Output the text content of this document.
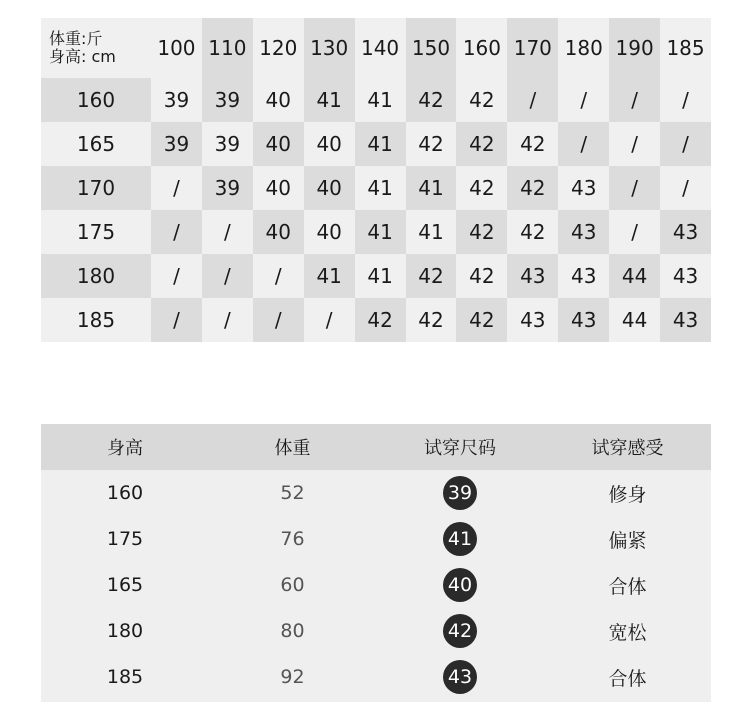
体重:斤
身高: cm	100 110 120 130 140 150 160 170 180 190 185
160	39	39	40	41	41	42	42	/	/	/	/
165	39	39	40	40	41	42	42	42	/	/	/
170	/	39	40	40	41	41	42	42	43	/	/
175	/	/	40	40	41	41	42	42	43	/	43
180	/	/	/	41	41	42	42	43	43	44	43
185	/	/	/	/	42	42	42	43	43	44	43
身高	体重	试穿尺码	试穿感受
160	52	39	修身
175	76	41	偏紧
165	60	40	合体
180	80	42	宽松
185	92	43	合体
